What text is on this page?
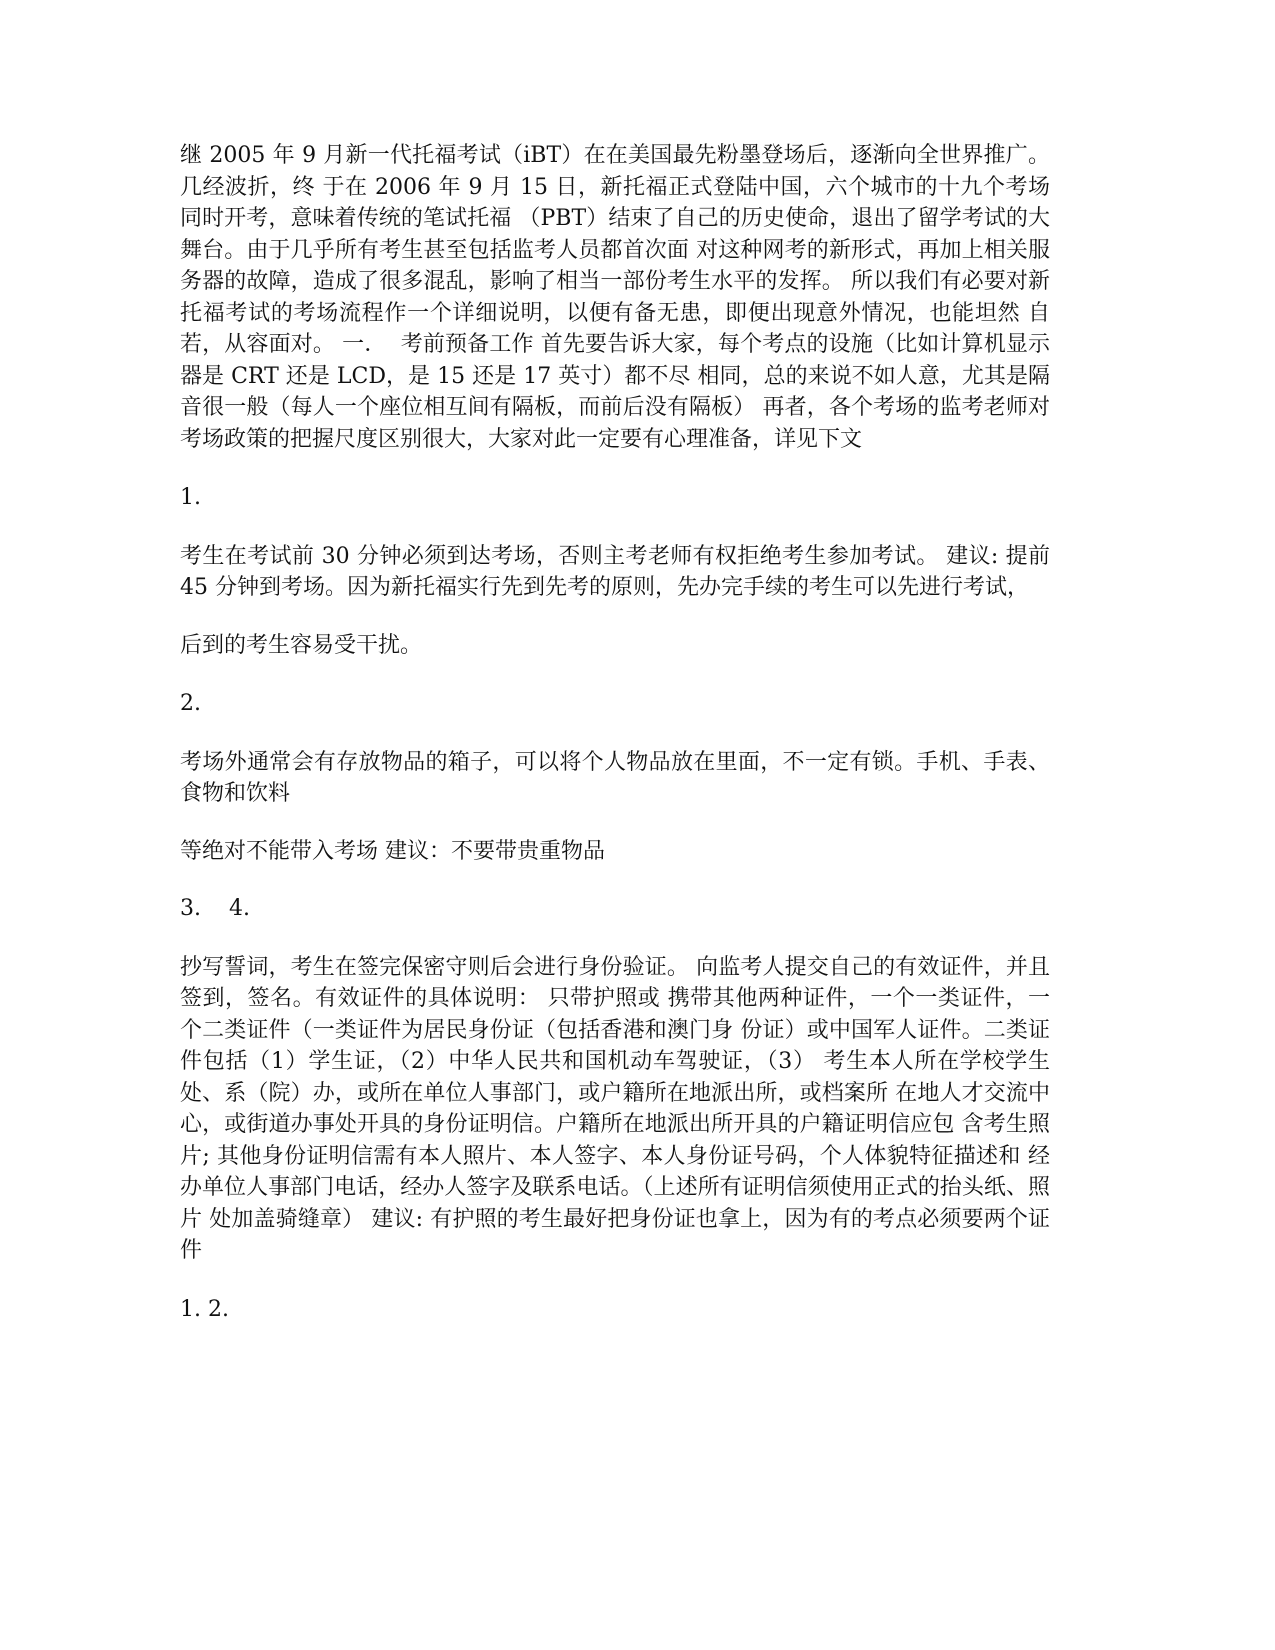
继 2005 年 9 月新一代托福考试（iBT）在在美国最先粉墨登场后，逐渐向全世界推广。几经波折，终 于在 2006 年 9 月 15 日，新托福正式登陆中国，六个城市的十九个考场同时开考，意味着传统的笔试托福 （PBT）结束了自己的历史使命，退出了留学考试的大舞台。由于几乎所有考生甚至包括监考人员都首次面 对这种网考的新形式，再加上相关服务器的故障，造成了很多混乱，影响了相当一部份考生水平的发挥。 所以我们有必要对新托福考试的考场流程作一个详细说明，以便有备无患，即便出现意外情况，也能坦然 自若，从容面对。 一．  考前预备工作 首先要告诉大家，每个考点的设施（比如计算机显示器是 CRT 还是 LCD，是 15 还是 17 英寸）都不尽 相同，总的来说不如人意，尤其是隔音很一般（每人一个座位相互间有隔板，而前后没有隔板） 再者，各个考场的监考老师对考场政策的把握尺度区别很大，大家对此一定要有心理准备，详见下文

1.

考生在考试前 30 分钟必须到达考场，否则主考老师有权拒绝考生参加考试。 建议: 提前 45 分钟到考场。因为新托福实行先到先考的原则，先办完手续的考生可以先进行考试，

后到的考生容易受干扰。

2.

考场外通常会有存放物品的箱子，可以将个人物品放在里面，不一定有锁。手机、手表、食物和饮料

等绝对不能带入考场 建议：不要带贵重物品

3.    4.

抄写誓词，考生在签完保密守则后会进行身份验证。 向监考人提交自己的有效证件，并且签到，签名。有效证件的具体说明： 只带护照或 携带其他两种证件，一个一类证件，一个二类证件（一类证件为居民身份证（包括香港和澳门身 份证）或中国军人证件。二类证件包括（1）学生证，（2）中华人民共和国机动车驾驶证，（3） 考生本人所在学校学生处、系（院）办，或所在单位人事部门，或户籍所在地派出所，或档案所 在地人才交流中心，或街道办事处开具的身份证明信。户籍所在地派出所开具的户籍证明信应包 含考生照片; 其他身份证明信需有本人照片、本人签字、本人身份证号码，个人体貌特征描述和 经办单位人事部门电话，经办人签字及联系电话。（上述所有证明信须使用正式的抬头纸、照片 处加盖骑缝章） 建议: 有护照的考生最好把身份证也拿上，因为有的考点必须要两个证件

1. 2.
